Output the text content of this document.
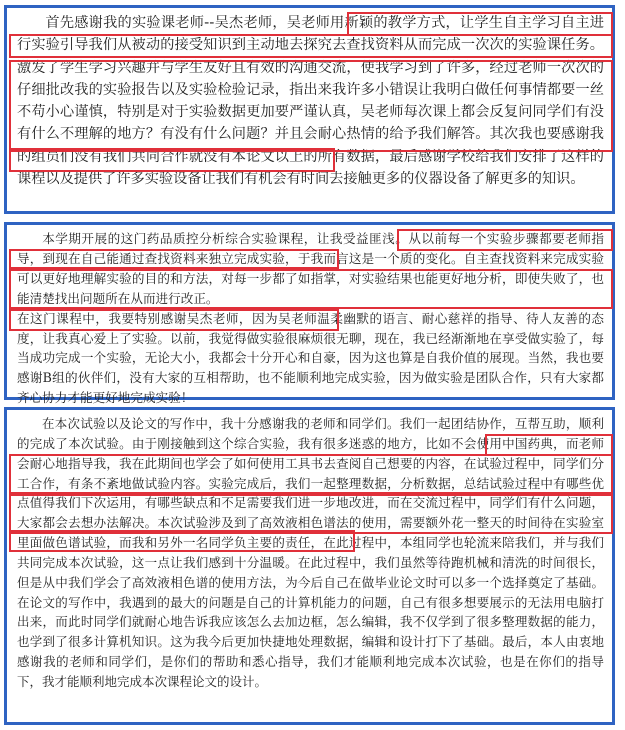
首先感谢我的实验课老师--吴杰老师，吴老师用新颖的教学方式，让学生自主学习自主进行实验引导我们从被动的接受知识到主动地去探究去查找资料从而完成一次次的实验课任务。激发了学生学习兴趣并与学生友好且有效的沟通交流，使我学习到了许多，经过老师一次次的仔细批改我的实验报告以及实验检验记录，指出来我许多小错误让我明白做任何事情都要一丝不苟小心谨慎，特别是对于实验数据更加要严谨认真，吴老师每次课上都会反复问同学们有没有什么不理解的地方？有没有什么问题？并且会耐心热情的给予我们解答。其次我也要感谢我的组员们没有我们共同合作就没有本论文以上的所有数据，最后感谢学校给我们安排了这样的课程以及提供了许多实验设备让我们有机会有时间去接触更多的仪器设备了解更多的知识。
本学期开展的这门药品质控分析综合实验课程，让我受益匪浅。从以前每一个实验步骤都要老师指导，到现在自己能通过查找资料来独立完成实验，于我而言这是一个质的变化。自主查找资料来完成实验可以更好地理解实验的目的和方法，对每一步都了如指掌，对实验结果也能更好地分析，即使失败了，也能清楚找出问题所在从而进行改正。
在这门课程中，我要特别感谢吴杰老师，因为吴老师温柔幽默的语言、耐心慈祥的指导、待人友善的态度，让我真心爱上了实验。以前，我觉得做实验很麻烦很无聊，现在，我已经渐渐地在享受做实验了，每当成功完成一个实验，无论大小，我都会十分开心和自豪，因为这也算是自我价值的展现。当然，我也要感谢B组的伙伴们，没有大家的互相帮助，也不能顺利地完成实验，因为做实验是团队合作，只有大家都齐心协力才能更好地完成实验！
在本次试验以及论文的写作中，我十分感谢我的老师和同学们。我们一起团结协作，互帮互助，顺利的完成了本次试验。由于刚接触到这个综合实验，我有很多迷惑的地方，比如不会使用中国药典，而老师会耐心地指导我，我在此期间也学会了如何使用工具书去查阅自己想要的内容，在试验过程中，同学们分工合作，有条不紊地做试验内容。实验完成后，我们一起整理数据，分析数据，总结试验过程中有哪些优点值得我们下次运用，有哪些缺点和不足需要我们进一步地改进，而在交流过程中，同学们有什么问题，大家都会去想办法解决。本次试验涉及到了高效液相色谱法的使用，需要额外花一整天的时间待在实验室里面做色谱试验，而我和另外一名同学负主要的责任，在此过程中，本组同学也轮流来陪我们，并与我们共同完成本次试验，这一点让我们感到十分温暖。在此过程中，我们虽然等待跑机械和清洗的时间很长，但是从中我们学会了高效液相色谱的使用方法，为今后自己在做毕业论文时可以多一个选择奠定了基础。在论文的写作中，我遇到的最大的问题是自己的计算机能力的问题，自己有很多想要展示的无法用电脑打出来，而此时同学们就耐心地告诉我应该怎么去加边框，怎么编辑，我不仅学到了很多整理数据的能力，也学到了很多计算机知识。这为我今后更加快捷地处理数据，编辑和设计打下了基础。最后，本人由衷地感谢我的老师和同学们，是你们的帮助和悉心指导，我们才能顺利地完成本次试验，也是在你们的指导下，我才能顺利地完成本次课程论文的设计。
